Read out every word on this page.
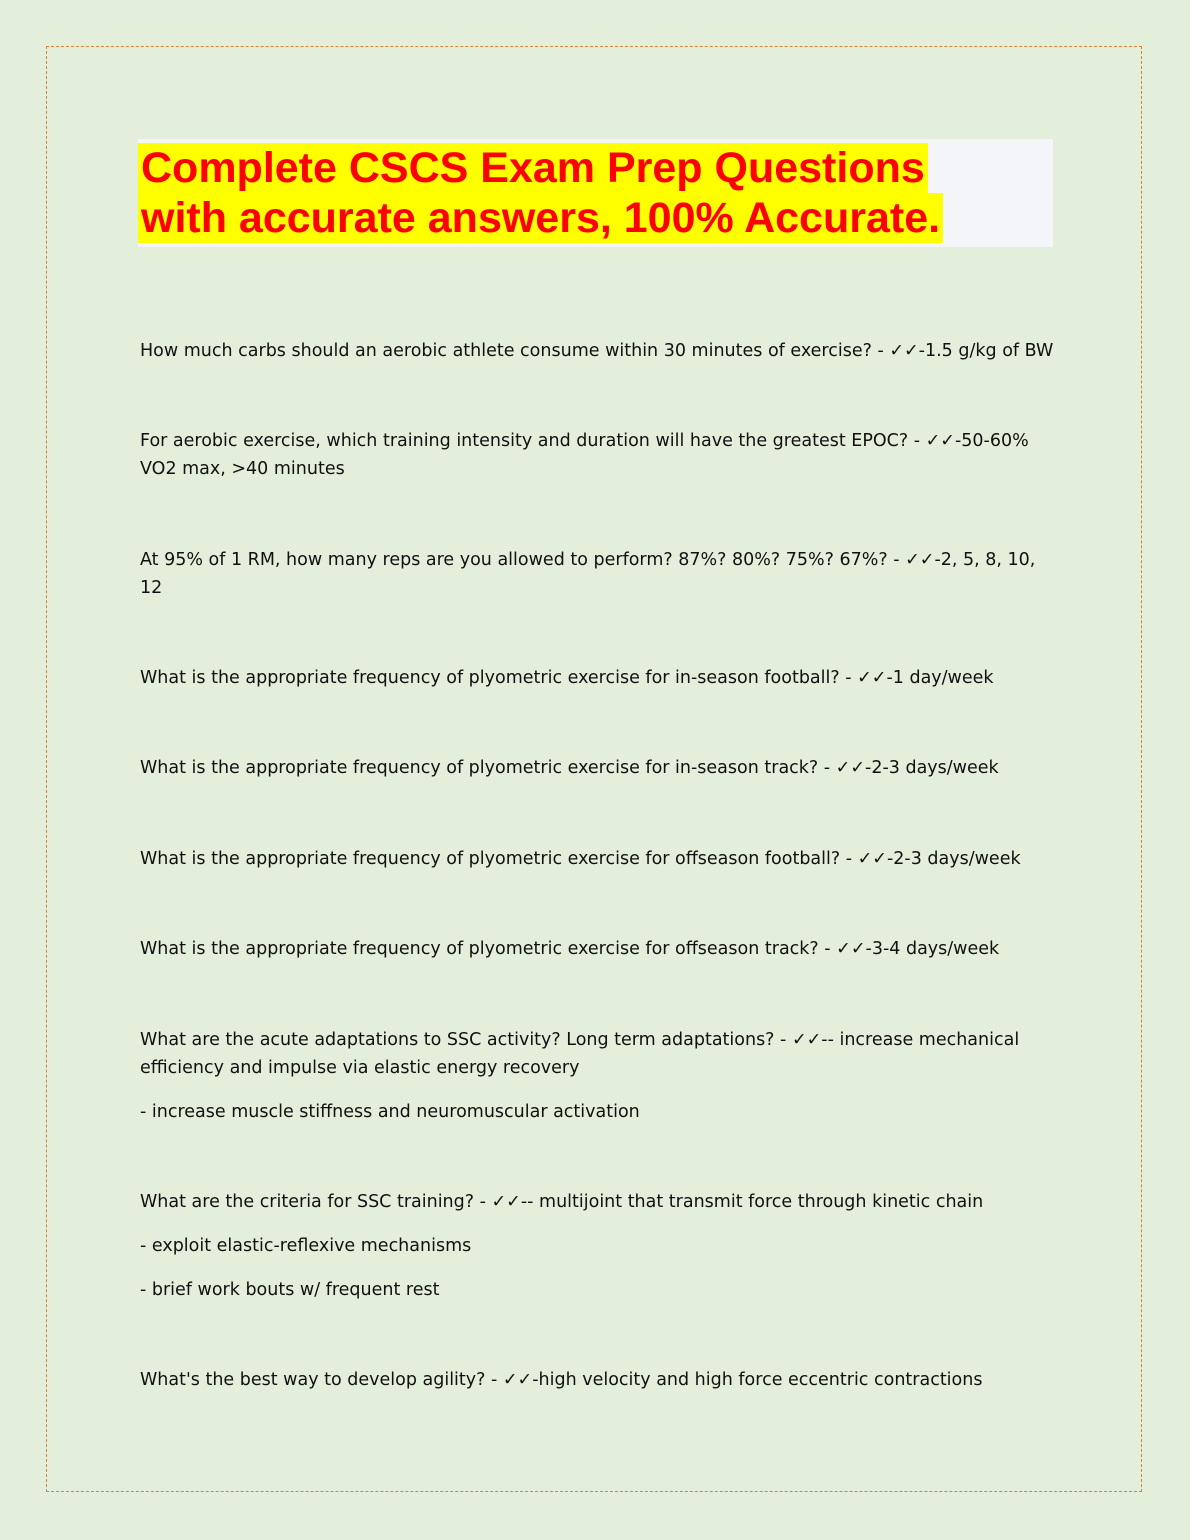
Complete CSCS Exam Prep Questions
with accurate answers, 100% Accurate.

How much carbs should an aerobic athlete consume within 30 minutes of exercise? - ✓✓-1.5 g/kg of BW

For aerobic exercise, which training intensity and duration will have the greatest EPOC? - ✓✓-50-60% VO2 max, >40 minutes

At 95% of 1 RM, how many reps are you allowed to perform? 87%? 80%? 75%? 67%? - ✓✓-2, 5, 8, 10, 12

What is the appropriate frequency of plyometric exercise for in-season football? - ✓✓-1 day/week

What is the appropriate frequency of plyometric exercise for in-season track? - ✓✓-2-3 days/week

What is the appropriate frequency of plyometric exercise for offseason football? - ✓✓-2-3 days/week

What is the appropriate frequency of plyometric exercise for offseason track? - ✓✓-3-4 days/week

What are the acute adaptations to SSC activity? Long term adaptations? - ✓✓-- increase mechanical efficiency and impulse via elastic energy recovery

- increase muscle stiffness and neuromuscular activation

What are the criteria for SSC training? - ✓✓-- multijoint that transmit force through kinetic chain

- exploit elastic-reflexive mechanisms

- brief work bouts w/ frequent rest

What's the best way to develop agility? - ✓✓-high velocity and high force eccentric contractions
